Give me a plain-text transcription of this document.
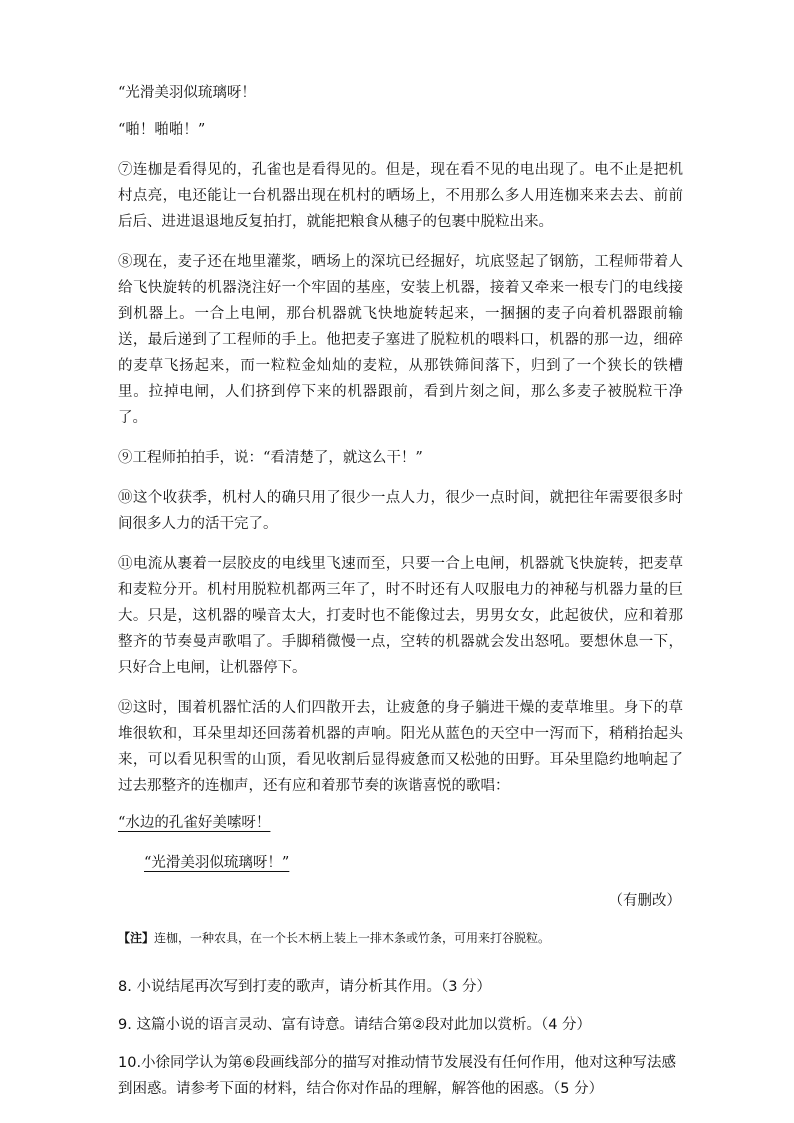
“光滑美羽似琉璃呀！

“啪！啪啪！”

⑦连枷是看得见的，孔雀也是看得见的。但是，现在看不见的电出现了。电不止是把机村点亮，电还能让一台机器出现在机村的晒场上，不用那么多人用连枷来来去去、前前后后、进进退退地反复拍打，就能把粮食从穗子的包裹中脱粒出来。

⑧现在，麦子还在地里灌浆，晒场上的深坑已经掘好，坑底竖起了钢筋，工程师带着人给飞快旋转的机器浇注好一个牢固的基座，安装上机器，接着又牵来一根专门的电线接到机器上。一合上电闸，那台机器就飞快地旋转起来，一捆捆的麦子向着机器跟前输送，最后递到了工程师的手上。他把麦子塞进了脱粒机的喂料口，机器的那一边，细碎的麦草飞扬起来，而一粒粒金灿灿的麦粒，从那铁筛间落下，归到了一个狭长的铁槽里。拉掉电闸，人们挤到停下来的机器跟前，看到片刻之间，那么多麦子被脱粒干净了。

⑨工程师拍拍手，说：“看清楚了，就这么干！”

⑩这个收获季，机村人的确只用了很少一点人力，很少一点时间，就把往年需要很多时间很多人力的活干完了。

⑪电流从裹着一层胶皮的电线里飞速而至，只要一合上电闸，机器就飞快旋转，把麦草和麦粒分开。机村用脱粒机都两三年了，时不时还有人叹服电力的神秘与机器力量的巨大。只是，这机器的噪音太大，打麦时也不能像过去，男男女女，此起彼伏，应和着那整齐的节奏曼声歌唱了。手脚稍微慢一点，空转的机器就会发出怒吼。要想休息一下，只好合上电闸，让机器停下。

⑫这时，围着机器忙活的人们四散开去，让疲惫的身子躺进干燥的麦草堆里。身下的草堆很软和，耳朵里却还回荡着机器的声响。阳光从蓝色的天空中一泻而下，稍稍抬起头来，可以看见积雪的山顶，看见收割后显得疲惫而又松弛的田野。耳朵里隐约地响起了过去那整齐的连枷声，还有应和着那节奏的诙谐喜悦的歌唱：

“水边的孔雀好美嗦呀！

“光滑美羽似琉璃呀！”

（有删改）

【注】连枷，一种农具，在一个长木柄上装上一排木条或竹条，可用来打谷脱粒。

8. 小说结尾再次写到打麦的歌声，请分析其作用。（3 分）

9. 这篇小说的语言灵动、富有诗意。请结合第②段对此加以赏析。（4 分）

10.小徐同学认为第⑥段画线部分的描写对推动情节发展没有任何作用，他对这种写法感到困惑。请参考下面的材料，结合你对作品的理解，解答他的困惑。（5 分）
